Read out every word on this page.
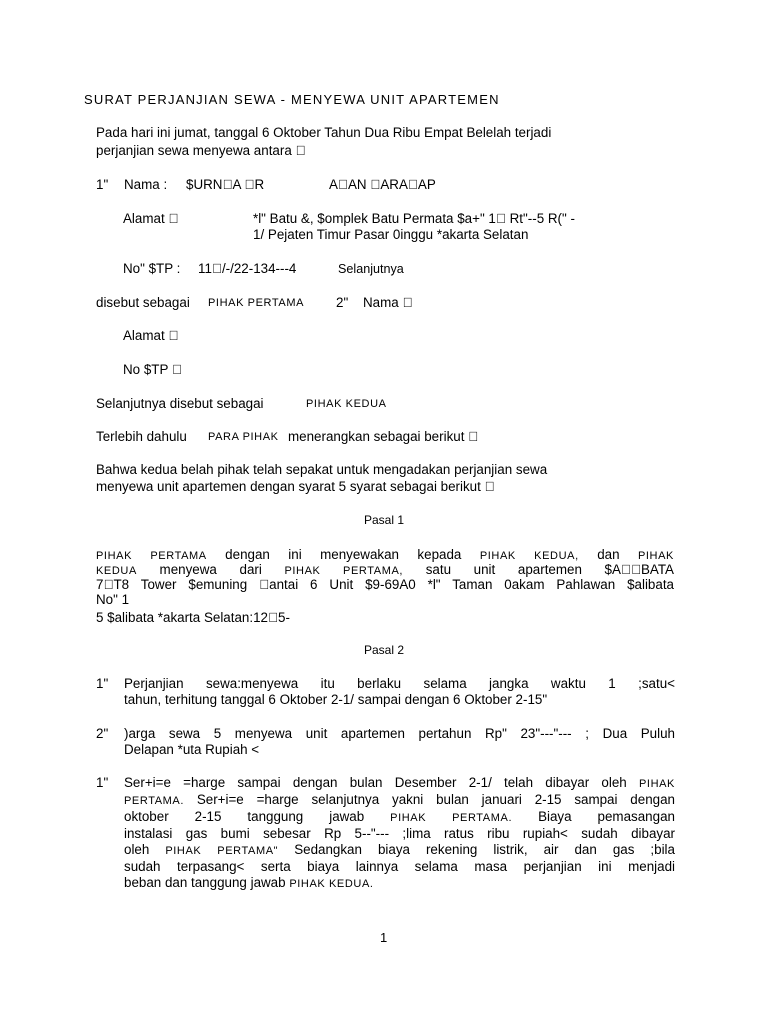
SURAT PERJANJIAN SEWA - MENYEWA UNIT APARTEMEN
Pada hari ini jumat, tanggal 6 Oktober Tahun Dua Ribu Empat Belelah terjadi
perjanjian sewa menyewa antara  
1" Nama : $URN A  R	A AN  ARA AP
Alamat  	*l" Batu &, $omplek Batu Permata $a+" 1  Rt"--5 R(" -
1/ Pejaten Timur Pasar 0inggu *akarta Selatan
No" $TP : 11 /-/22-134---4	Selanjutnya
disebut sebagai PIHAK PERTAMA 2" Nama  
Alamat  
No $TP  
Selanjutnya disebut sebagai	PIHAK KEDUA
Terlebih dahulu PARA PIHAK menerangkan sebagai berikut  
Bahwa kedua belah pihak telah sepakat untuk mengadakan perjanjian sewa
menyewa unit apartemen dengan syarat 5 syarat sebagai berikut  
Pasal 1
PIHAK PERTAMA dengan ini menyewakan kepada PIHAK KEDUA, dan PIHAK
KEDUA menyewa dari PIHAK PERTAMA, satu unit apartemen $A  BATA
7 T8 Tower $emuning  antai 6 Unit $9-69A0 *l" Taman 0akam Pahlawan $alibata
No" 1
5 $alibata *akarta Selatan:12 5-
Pasal 2
1" Perjanjian sewa:menyewa itu berlaku selama jangka waktu 1 ;satu<
tahun, terhitung tanggal 6 Oktober 2-1/ sampai dengan 6 Oktober 2-15"
2" )arga sewa 5 menyewa unit apartemen pertahun Rp" 23"---"--- ; Dua Puluh
Delapan *uta Rupiah <
1" Ser+i=e =harge sampai dengan bulan Desember 2-1/ telah dibayar oleh PIHAK
PERTAMA. Ser+i=e =harge selanjutnya yakni bulan januari 2-15 sampai dengan
oktober 2-15 tanggung jawab PIHAK PERTAMA. Biaya pemasangan
instalasi gas bumi sebesar Rp 5--"--- ;lima ratus ribu rupiah< sudah dibayar
oleh PIHAK PERTAMA" Sedangkan biaya rekening listrik, air dan gas ;bila
sudah terpasang< serta biaya lainnya selama masa perjanjian ini menjadi
beban dan tanggung jawab PIHAK KEDUA.
1
